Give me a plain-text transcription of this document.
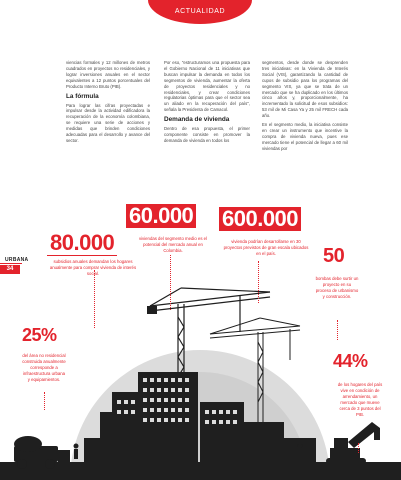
ACTUALIDAD

viencias formales y 12 millones de metros cuadrados en proyectos no residenciales, y lograr inversiones anuales en el sector equivalentes a 12 puntos porcentuales del Producto Interno Bruto (PIB).

La fórmula

Para lograr las cifras proyectadas e impulsar desde la actividad edificadora la recuperación de la economía colombiana, se requiere una serie de acciones y medidas que brinden condiciones adecuadas para el desarrollo y avance del sector.

Por eso, "estructuramos una propuesta para el Gobierno Nacional de 11 iniciativas que buscan impulsar la demanda en todos los segmentos de vivienda, aumentar la oferta de proyectos residenciales y no residenciales, y crear condiciones regulatorias óptimas para que el sector sea un aliado en la recuperación del país", señala la Presidenta de Camacol.

Demanda de vivienda

Dentro de esa propuesta, el primer componente consiste en promover la demanda de vivienda en todos los

segmentos, desde donde se desprenden tres iniciativas: en la Vivienda de Interés Social (VIS), garantizando la cantidad de cupos de subsidio para los programas del segmento VIS, ya que se trata de un mercado que se ha duplicado en los últimos cinco años y, proporcionalmente, ha incrementado la solicitud de esos subsidios: 53 mil de Mi Casa Ya y 25 mil FRECH cada año.

En el segmento medio, la iniciativa consiste en crear un instrumento que incentive la compra de vivienda nueva, pues ese mercado tiene el potencial de llegar a 60 mil viviendas por

URBANA
34
80.000
subsidios anuales demandan los hogares anualmente para comprar vivienda de interés social.
60.000
viviendas del segmento medio es el potencial del mercado anual en Colombia.
600.000
vivienda podrían desarrollarse en 30 proyectos previstos de gran escala ubicados en el país.	50
bombas debe surtir un proyecto en su proceso de urbanismo y construcción.
25%
del área no residencial construida anualmente corresponde a infraestructura urbana y equipamientos.
44%
de los hogares del país vive en condición de arrendamiento, un mercado que mueve cerca de 3 puntos del PIB.
